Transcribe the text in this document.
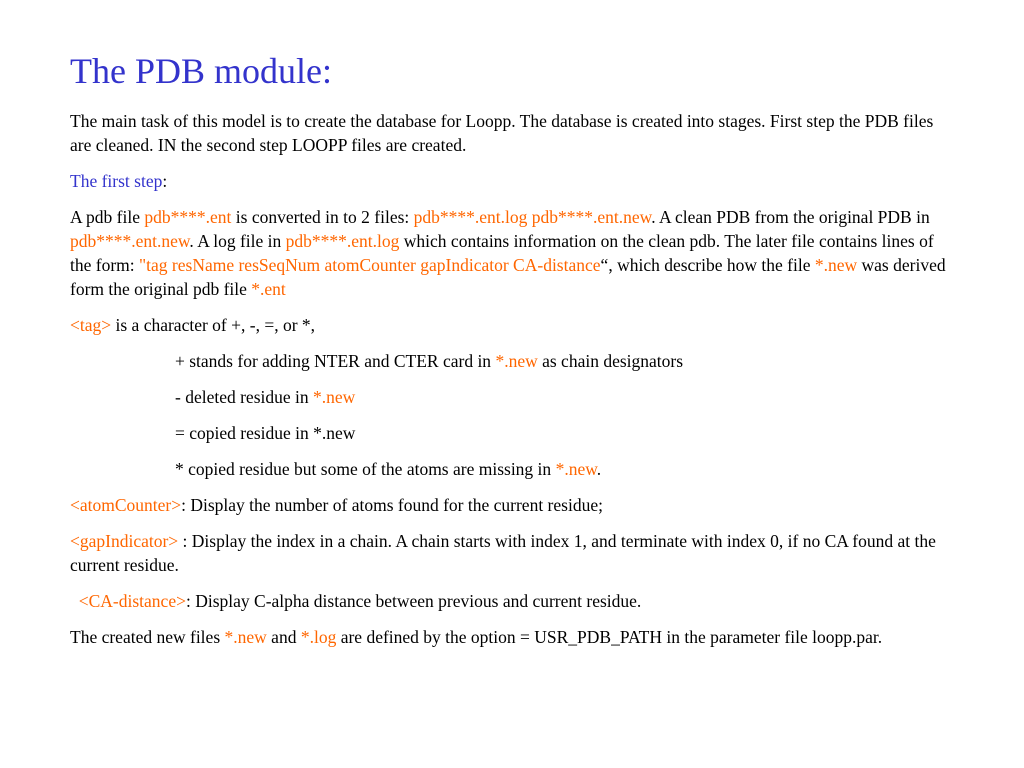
The PDB module:

The main task of this model is to create the database for Loopp. The database is created into stages. First step the PDB files are cleaned. IN the second step LOOPP files are created.

The first step:

A pdb file pdb****.ent is converted in to 2 files: pdb****.ent.log pdb****.ent.new. A clean PDB from the original PDB in pdb****.ent.new. A log file in pdb****.ent.log which contains information on the clean pdb. The later file contains lines of the form: "tag resName resSeqNum atomCounter gapIndicator CA-distance“, which describe how the file *.new was derived form the original pdb file *.ent

<tag> is a character of +, -, =, or *,

+ stands for adding NTER and CTER card in *.new as chain designators

- deleted residue in *.new

= copied residue in *.new

* copied residue but some of the atoms are missing in *.new.

<atomCounter>: Display the number of atoms found for the current residue;

<gapIndicator> : Display the index in a chain. A chain starts with index 1, and terminate with index 0, if no CA found at the current residue.

<CA-distance>: Display C-alpha distance between previous and current residue.

The created new files *.new and *.log are defined by the option = USR_PDB_PATH in the parameter file loopp.par.
